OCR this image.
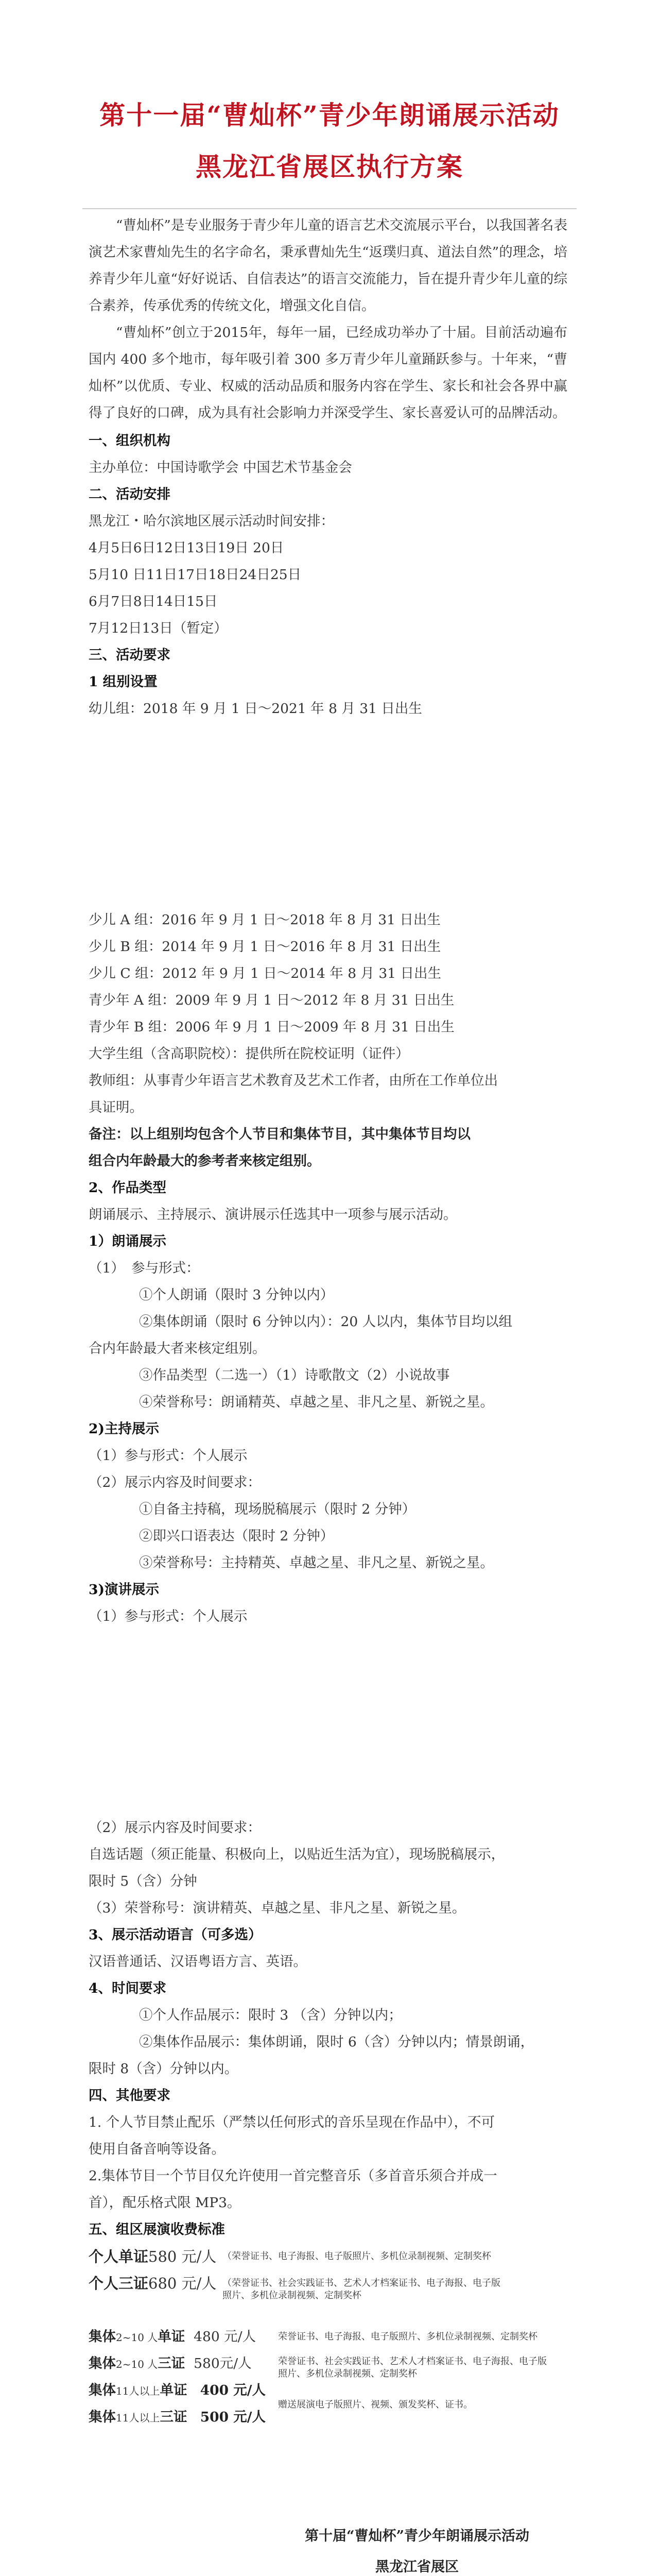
第十一届“曹灿杯”青少年朗诵展示活动
黑龙江省展区执行方案
“曹灿杯”是专业服务于青少年儿童的语言艺术交流展示平台，以我国著名表演艺术家曹灿先生的名字命名，秉承曹灿先生“返璞归真、道法自然”的理念，培养青少年儿童“好好说话、自信表达”的语言交流能力，旨在提升青少年儿童的综合素养，传承优秀的传统文化，增强文化自信。
“曹灿杯”创立于2015年，每年一届，已经成功举办了十届。目前活动遍布国内 400 多个地市，每年吸引着 300 多万青少年儿童踊跃参与。十年来，“曹灿杯”以优质、专业、权威的活动品质和服务内容在学生、家长和社会各界中赢得了良好的口碑，成为具有社会影响力并深受学生、家长喜爱认可的品牌活动。
一、组织机构
主办单位：中国诗歌学会 中国艺术节基金会
二、活动安排
黑龙江・哈尔滨地区展示活动时间安排：
4月5日6日12日13日19日 20日
5月10 日11日17日18日24日25日
6月7日8日14日15日
7月12日13日（暂定）
三、活动要求
1 组别设置
幼儿组：2018 年 9 月 1 日～2021 年 8 月 31 日出生
少儿 A 组：2016 年 9 月 1 日～2018 年 8 月 31 日出生
少儿 B 组：2014 年 9 月 1 日～2016 年 8 月 31 日出生
少儿 C 组：2012 年 9 月 1 日～2014 年 8 月 31 日出生
青少年 A 组：2009 年 9 月 1 日～2012 年 8 月 31 日出生
青少年 B 组：2006 年 9 月 1 日～2009 年 8 月 31 日出生
大学生组（含高职院校）：提供所在院校证明（证件）
教师组：从事青少年语言艺术教育及艺术工作者，由所在工作单位出
具证明。
备注：以上组别均包含个人节目和集体节目，其中集体节目均以
组合内年龄最大的参考者来核定组别。
2、作品类型
朗诵展示、主持展示、演讲展示任选其中一项参与展示活动。
1）朗诵展示
（1）　参与形式：
①个人朗诵（限时 3 分钟以内）
②集体朗诵（限时 6 分钟以内）：20 人以内，集体节目均以组
合内年龄最大者来核定组别。
③作品类型（二选一）（1）诗歌散文（2）小说故事
④荣誉称号：朗诵精英、卓越之星、非凡之星、新锐之星。
2)主持展示
（1）参与形式：个人展示
（2）展示内容及时间要求：
①自备主持稿，现场脱稿展示（限时 2 分钟）
②即兴口语表达（限时 2 分钟）
③荣誉称号：主持精英、卓越之星、非凡之星、新锐之星。
3)演讲展示
（1）参与形式：个人展示
（2）展示内容及时间要求：
自选话题（须正能量、积极向上，以贴近生活为宜），现场脱稿展示，
限时 5（含）分钟
（3）荣誉称号：演讲精英、卓越之星、非凡之星、新锐之星。
3、展示活动语言（可多选）
汉语普通话、汉语粤语方言、英语。
4、时间要求
①个人作品展示：限时 3 （含）分钟以内；
②集体作品展示：集体朗诵，限时 6（含）分钟以内；情景朗诵，
限时 8（含）分钟以内。
四、其他要求
1. 个人节目禁止配乐（严禁以任何形式的音乐呈现在作品中），不可
使用自备音响等设备。
2.集体节目一个节目仅允许使用一首完整音乐（多首音乐须合并成一
首），配乐格式限 MP3。
五、组区展演收费标准
个人单证580 元/人 （荣誉证书、电子海报、电子版照片、多机位录制视频、定制奖杯
个人三证680 元/人 （荣誉证书、社会实践证书、艺术人才档案证书、电子海报、电子版
照片、多机位录制视频、定制奖杯
集体2~10 人单证 480 元/人 荣誉证书、电子海报、电子版照片、多机位录制视频、定制奖杯
集体2~10 人三证 580元/人	荣誉证书、社会实践证书、艺术人才档案证书、电子海报、电子版
照片、多机位录制视频、定制奖杯
集体11人以上单证 400 元/人
集体11人以上三证 500 元/人
赠送展演电子版照片、视频、颁发奖杯、证书。
第十届“曹灿杯”青少年朗诵展示活动
黑龙江省展区
